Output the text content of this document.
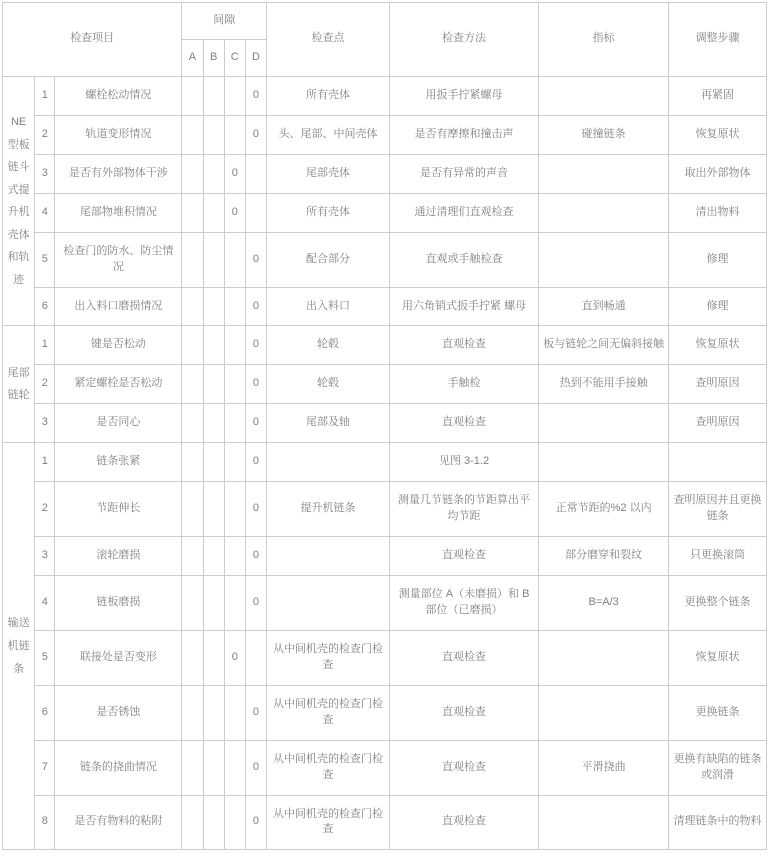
检查项目			间隙				检查点	检查方法	指标	调整步骤
			A	B	C	D				
NE型板链斗式提升机壳体和轨迹	1	螺栓松动情况				0	所有壳体	用扳手拧紧螺母		再紧固
	2	轨道变形情况				0	头、尾部、中间壳体	是否有摩擦和撞击声	碰撞链条	恢复原状
	3	是否有外部物体干涉			0		尾部壳体	是否有异常的声音		取出外部物体
	4	尾部物堆积情况			0		所有壳体	通过清理们直观检查		清出物料
	5	检查门的防水、防尘情况				0	配合部分	直观或手触检查		修理
	6	出入料口磨损情况				0	出入料口	用六角销式扳手拧紧 螺母	直到畅通	修理
尾部链轮	1	键是否松动				0	轮毂	直观检查	板与链轮之间无偏斜接触	恢复原状
	2	紧定螺栓是否松动				0	轮毂	手触检	热到不能用手接触	查明原因
	3	是否同心				0	尾部及轴	直观检查		查明原因
输送机链条	1	链条张紧				0		见图 3-1.2		
	2	节距伸长				0	提升机链条	测量几节链条的节距算出平均节距	正常节距的%2 以内	查明原因并且更换链条
	3	滚轮磨损				0		直观检查	部分磨穿和裂纹	只更换滚筒
	4	链板磨损				0		测量部位 A（未磨损）和 B 部位（已磨损）	B=A/3	更换整个链条
	5	联接处是否变形			0		从中间机壳的检查门检查	直观检查		恢复原状
	6	是否锈蚀				0	从中间机壳的检查门检查	直观检查		更换链条
	7	链条的挠曲情况				0	从中间机壳的检查门检查	直观检查	平滑挠曲	更换有缺陷的链条或润滑
	8	是否有物料的粘附				0	从中间机壳的检查门检查	直观检查		清理链条中的物料
